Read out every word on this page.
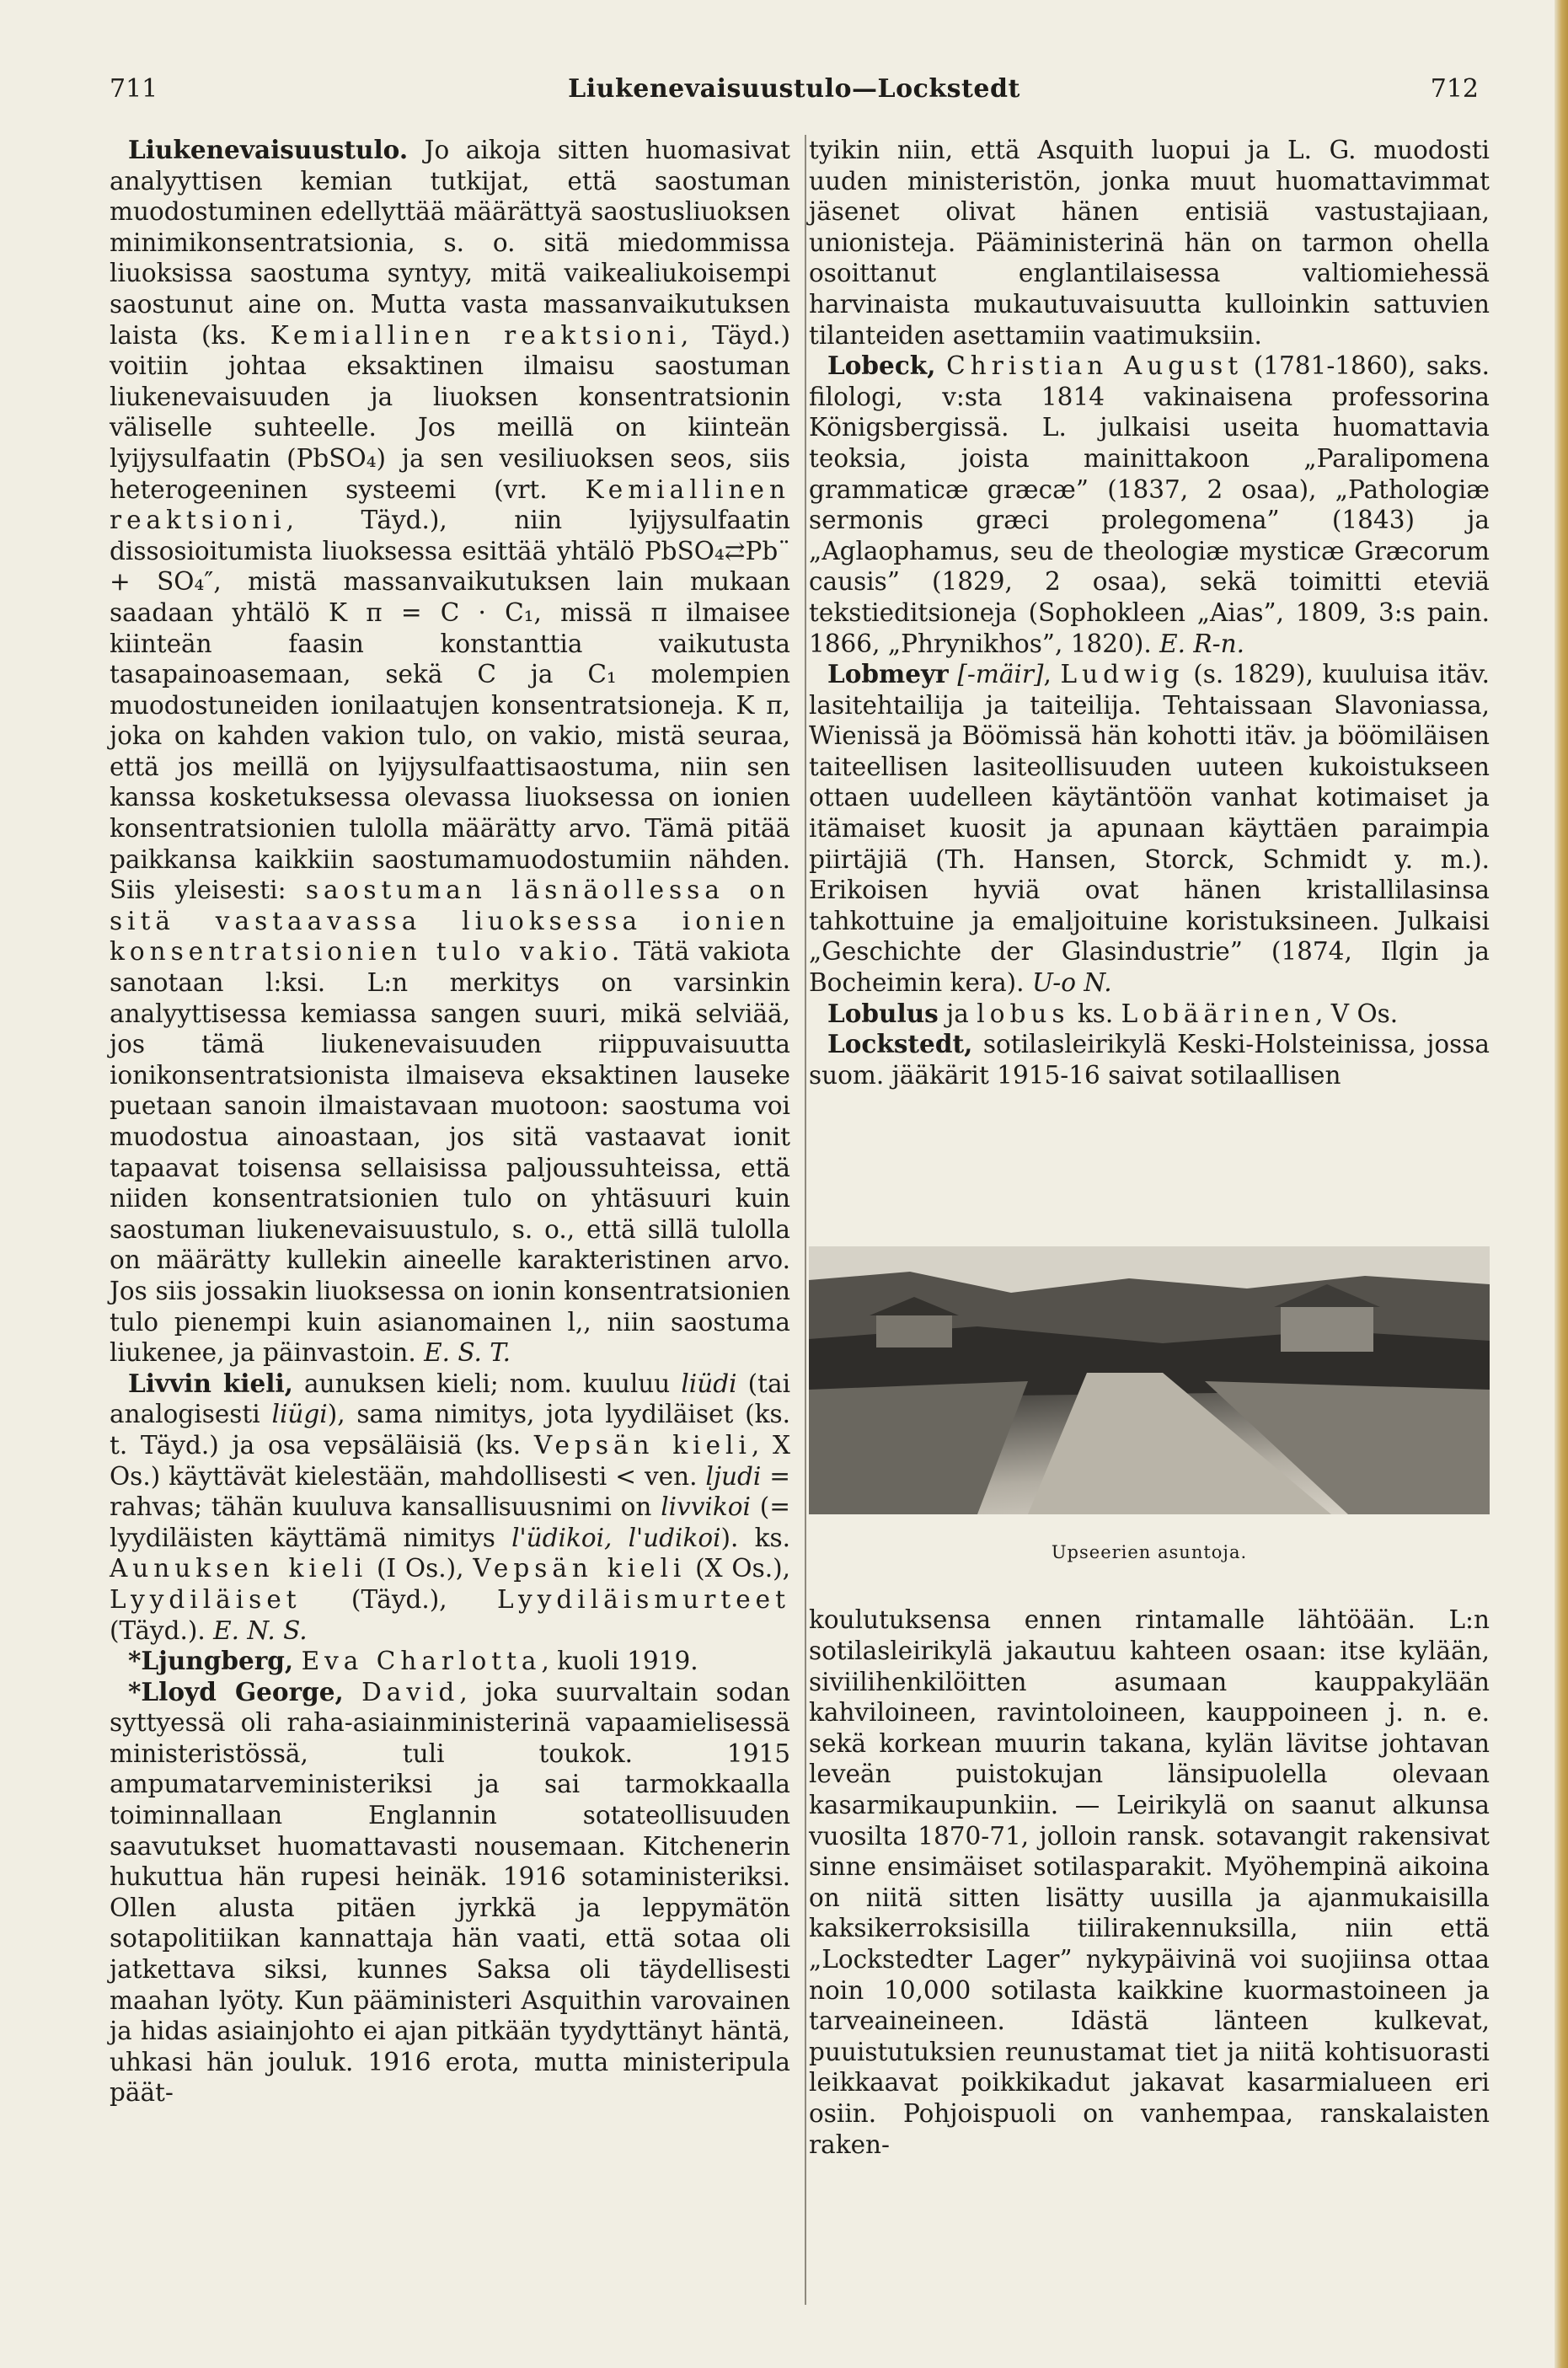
711	Liukenevaisuustulo—Lockstedt	712

Liukenevaisuustulo. Jo aikoja sitten huomasivat analyyttisen kemian tutkijat, että saostuman muodostuminen edellyttää määrättyä saostusliuoksen minimikonsentratsionia, s. o. sitä miedommissa liuoksissa saostuma syntyy, mitä vaikealiukoisempi saostunut aine on. Mutta vasta massanvaikutuksen laista (ks. Kemiallinen reaktsioni, Täyd.) voitiin johtaa eksaktinen ilmaisu saostuman liukenevaisuuden ja liuoksen konsentratsionin väliselle suhteelle. Jos meillä on kiinteän lyijysulfaatin (PbSO₄) ja sen vesiliuoksen seos, siis heterogeeninen systeemi (vrt. Kemiallinen reaktsioni, Täyd.), niin lyijysulfaatin dissosioitumista liuoksessa esittää yhtälö PbSO₄⇄Pb¨ + SO₄″, mistä massanvaikutuksen lain mukaan saadaan yhtälö K π = C · C₁, missä π ilmaisee kiinteän faasin konstanttia vaikutusta tasapainoasemaan, sekä C ja C₁ molempien muodostuneiden ionilaatujen konsentratsioneja. K π, joka on kahden vakion tulo, on vakio, mistä seuraa, että jos meillä on lyijysulfaattisaostuma, niin sen kanssa kosketuksessa olevassa liuoksessa on ionien konsentratsionien tulolla määrätty arvo. Tämä pitää paikkansa kaikkiin saostumamuodostumiin nähden. Siis yleisesti: saostuman läsnäollessa on sitä vastaavassa liuoksessa ionien konsentratsionien tulo vakio. Tätä vakiota sanotaan l:ksi. L:n merkitys on varsinkin analyyttisessa kemiassa sangen suuri, mikä selviää, jos tämä liukenevaisuuden riippuvaisuutta ionikonsentratsionista ilmaiseva eksaktinen lauseke puetaan sanoin ilmaistavaan muotoon: saostuma voi muodostua ainoastaan, jos sitä vastaavat ionit tapaavat toisensa sellaisissa paljoussuhteissa, että niiden konsentratsionien tulo on yhtäsuuri kuin saostuman liukenevaisuustulo, s. o., että sillä tulolla on määrätty kullekin aineelle karakteristinen arvo. Jos siis jossakin liuoksessa on ionin konsentratsionien tulo pienempi kuin asianomainen l,, niin saostuma liukenee, ja päinvastoin. E. S. T.

Livvin kieli, aunuksen kieli; nom. kuuluu liüdi (tai analogisesti liügi), sama nimitys, jota lyydiläiset (ks. t. Täyd.) ja osa vepsäläisiä (ks. Vepsän kieli, X Os.) käyttävät kielestään, mahdollisesti < ven. ljudi = rahvas; tähän kuuluva kansallisuusnimi on livvikoi (= lyydiläisten käyttämä nimitys l'üdikoi, l'udikoi). ks. Aunuksen kieli (I Os.), Vepsän kieli (X Os.), Lyydiläiset (Täyd.), Lyydiläismurteet (Täyd.). E. N. S.

*Ljungberg, Eva Charlotta, kuoli 1919.

*Lloyd George, David, joka suurvaltain sodan syttyessä oli raha-asiainministerinä vapaamielisessä ministeristössä, tuli toukok. 1915 ampumatarveministeriksi ja sai tarmokkaalla toiminnallaan Englannin sotateollisuuden saavutukset huomattavasti nousemaan. Kitchenerin hukuttua hän rupesi heinäk. 1916 sotaministeriksi. Ollen alusta pitäen jyrkkä ja leppymätön sotapolitiikan kannattaja hän vaati, että sotaa oli jatkettava siksi, kunnes Saksa oli täydellisesti maahan lyöty. Kun pääministeri Asquithin varovainen ja hidas asiainjohto ei ajan pitkään tyydyttänyt häntä, uhkasi hän jouluk. 1916 erota, mutta ministeripula päät-

tyikin niin, että Asquith luopui ja L. G. muodosti uuden ministeristön, jonka muut huomattavimmat jäsenet olivat hänen entisiä vastustajiaan, unionisteja. Pääministerinä hän on tarmon ohella osoittanut englantilaisessa valtiomiehessä harvinaista mukautuvaisuutta kulloinkin sattuvien tilanteiden asettamiin vaatimuksiin.

Lobeck, Christian August (1781-1860), saks. filologi, v:sta 1814 vakinaisena professorina Königsbergissä. L. julkaisi useita huomattavia teoksia, joista mainittakoon „Paralipomena grammaticæ græcæ” (1837, 2 osaa), „Pathologiæ sermonis græci prolegomena” (1843) ja „Aglaophamus, seu de theologiæ mysticæ Græcorum causis” (1829, 2 osaa), sekä toimitti eteviä tekstieditsioneja (Sophokleen „Aias”, 1809, 3:s pain. 1866, „Phrynikhos”, 1820). E. R-n.

Lobmeyr [-mäir], Ludwig (s. 1829), kuuluisa itäv. lasitehtailija ja taiteilija. Tehtaissaan Slavoniassa, Wienissä ja Böömissä hän kohotti itäv. ja böömiläisen taiteellisen lasiteollisuuden uuteen kukoistukseen ottaen uudelleen käytäntöön vanhat kotimaiset ja itämaiset kuosit ja apunaan käyttäen paraimpia piirtäjiä (Th. Hansen, Storck, Schmidt y. m.). Erikoisen hyviä ovat hänen kristallilasinsa tahkottuine ja emaljoituine koristuksineen. Julkaisi „Geschichte der Glasindustrie” (1874, Ilgin ja Bocheimin kera). U-o N.

Lobulus ja lobus ks. Lobäärinen, V Os.

Lockstedt, sotilasleirikylä Keski-Holsteinissa, jossa suom. jääkärit 1915-16 saivat sotilaallisen

Upseerien asuntoja.

koulutuksensa ennen rintamalle lähtöään. L:n sotilasleirikylä jakautuu kahteen osaan: itse kylään, siviilihenkilöitten asumaan kauppakylään kahviloineen, ravintoloineen, kauppoineen j. n. e. sekä korkean muurin takana, kylän lävitse johtavan leveän puistokujan länsipuolella olevaan kasarmikaupunkiin. — Leirikylä on saanut alkunsa vuosilta 1870-71, jolloin ransk. sotavangit rakensivat sinne ensimäiset sotilasparakit. Myöhempinä aikoina on niitä sitten lisätty uusilla ja ajanmukaisilla kaksikerroksisilla tiilirakennuksilla, niin että „Lockstedter Lager” nykypäivinä voi suojiinsa ottaa noin 10,000 sotilasta kaikkine kuormastoineen ja tarveaineineen. Idästä länteen kulkevat, puuistutuksien reunustamat tiet ja niitä kohtisuorasti leikkaavat poikkikadut jakavat kasarmialueen eri osiin. Pohjoispuoli on vanhempaa, ranskalaisten raken-
